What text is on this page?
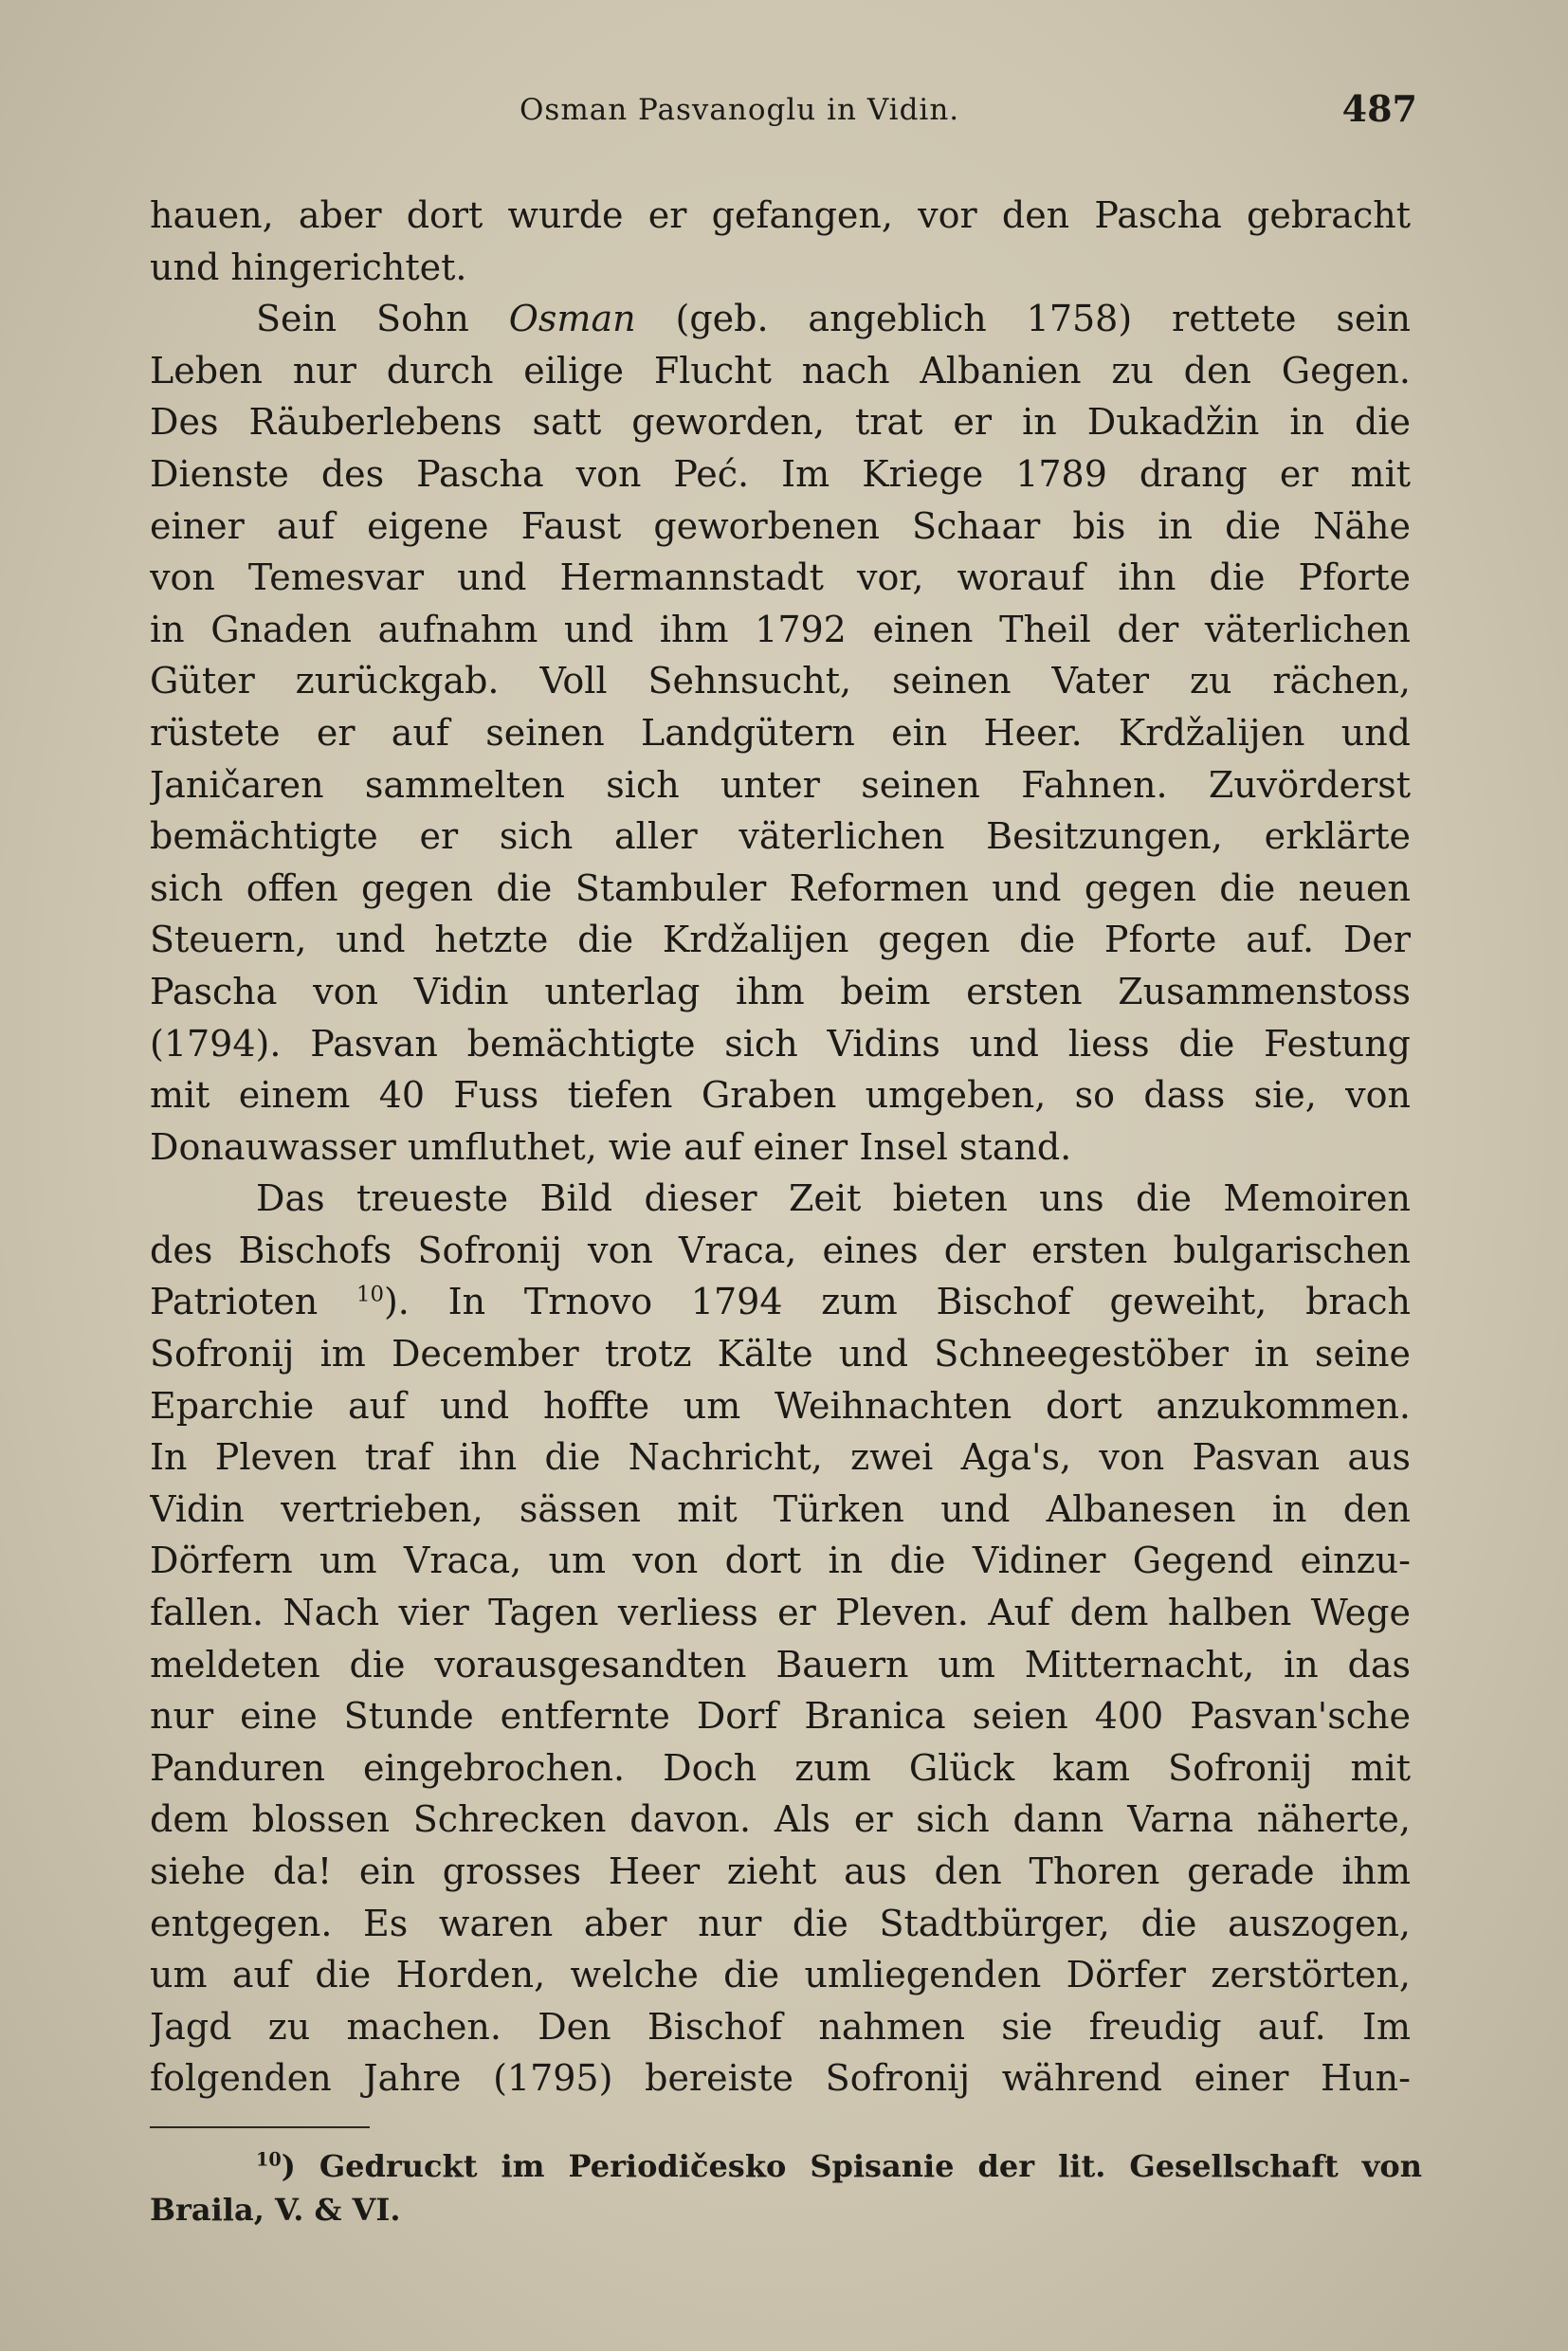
Osman Pasvanoglu in Vidin.	487
hauen, aber dort wurde er gefangen, vor den Pascha gebracht
und hingerichtet.
Sein Sohn Osman (geb. angeblich 1758) rettete sein
Leben nur durch eilige Flucht nach Albanien zu den Gegen.
Des Räuberlebens satt geworden, trat er in Dukadžin in die
Dienste des Pascha von Peć. Im Kriege 1789 drang er mit
einer auf eigene Faust geworbenen Schaar bis in die Nähe
von Temesvar und Hermannstadt vor, worauf ihn die Pforte
in Gnaden aufnahm und ihm 1792 einen Theil der väterlichen
Güter zurückgab. Voll Sehnsucht, seinen Vater zu rächen,
rüstete er auf seinen Landgütern ein Heer. Krdžalijen und
Janičaren sammelten sich unter seinen Fahnen. Zuvörderst
bemächtigte er sich aller väterlichen Besitzungen, erklärte
sich offen gegen die Stambuler Reformen und gegen die neuen
Steuern, und hetzte die Krdžalijen gegen die Pforte auf. Der
Pascha von Vidin unterlag ihm beim ersten Zusammenstoss
(1794). Pasvan bemächtigte sich Vidins und liess die Festung
mit einem 40 Fuss tiefen Graben umgeben, so dass sie, von
Donauwasser umfluthet, wie auf einer Insel stand.
Das treueste Bild dieser Zeit bieten uns die Memoiren
des Bischofs Sofronij von Vraca, eines der ersten bulgarischen
Patrioten $^{10}$). In Trnovo 1794 zum Bischof geweiht, brach
Sofronij im December trotz Kälte und Schneegestöber in seine
Eparchie auf und hoffte um Weihnachten dort anzukommen.
In Pleven traf ihn die Nachricht, zwei Aga's, von Pasvan aus
Vidin vertrieben, sässen mit Türken und Albanesen in den
Dörfern um Vraca, um von dort in die Vidiner Gegend einzu-
fallen. Nach vier Tagen verliess er Pleven. Auf dem halben Wege
meldeten die vorausgesandten Bauern um Mitternacht, in das
nur eine Stunde entfernte Dorf Branica seien 400 Pasvan'sche
Panduren eingebrochen. Doch zum Glück kam Sofronij mit
dem blossen Schrecken davon. Als er sich dann Varna näherte,
siehe da! ein grosses Heer zieht aus den Thoren gerade ihm
entgegen. Es waren aber nur die Stadtbürger, die auszogen,
um auf die Horden, welche die umliegenden Dörfer zerstörten,
Jagd zu machen. Den Bischof nahmen sie freudig auf. Im
folgenden Jahre (1795) bereiste Sofronij während einer Hun-
$^{10}$) Gedruckt im Periodičesko Spisanie der lit. Gesellschaft von
Braila, V. & VI.
